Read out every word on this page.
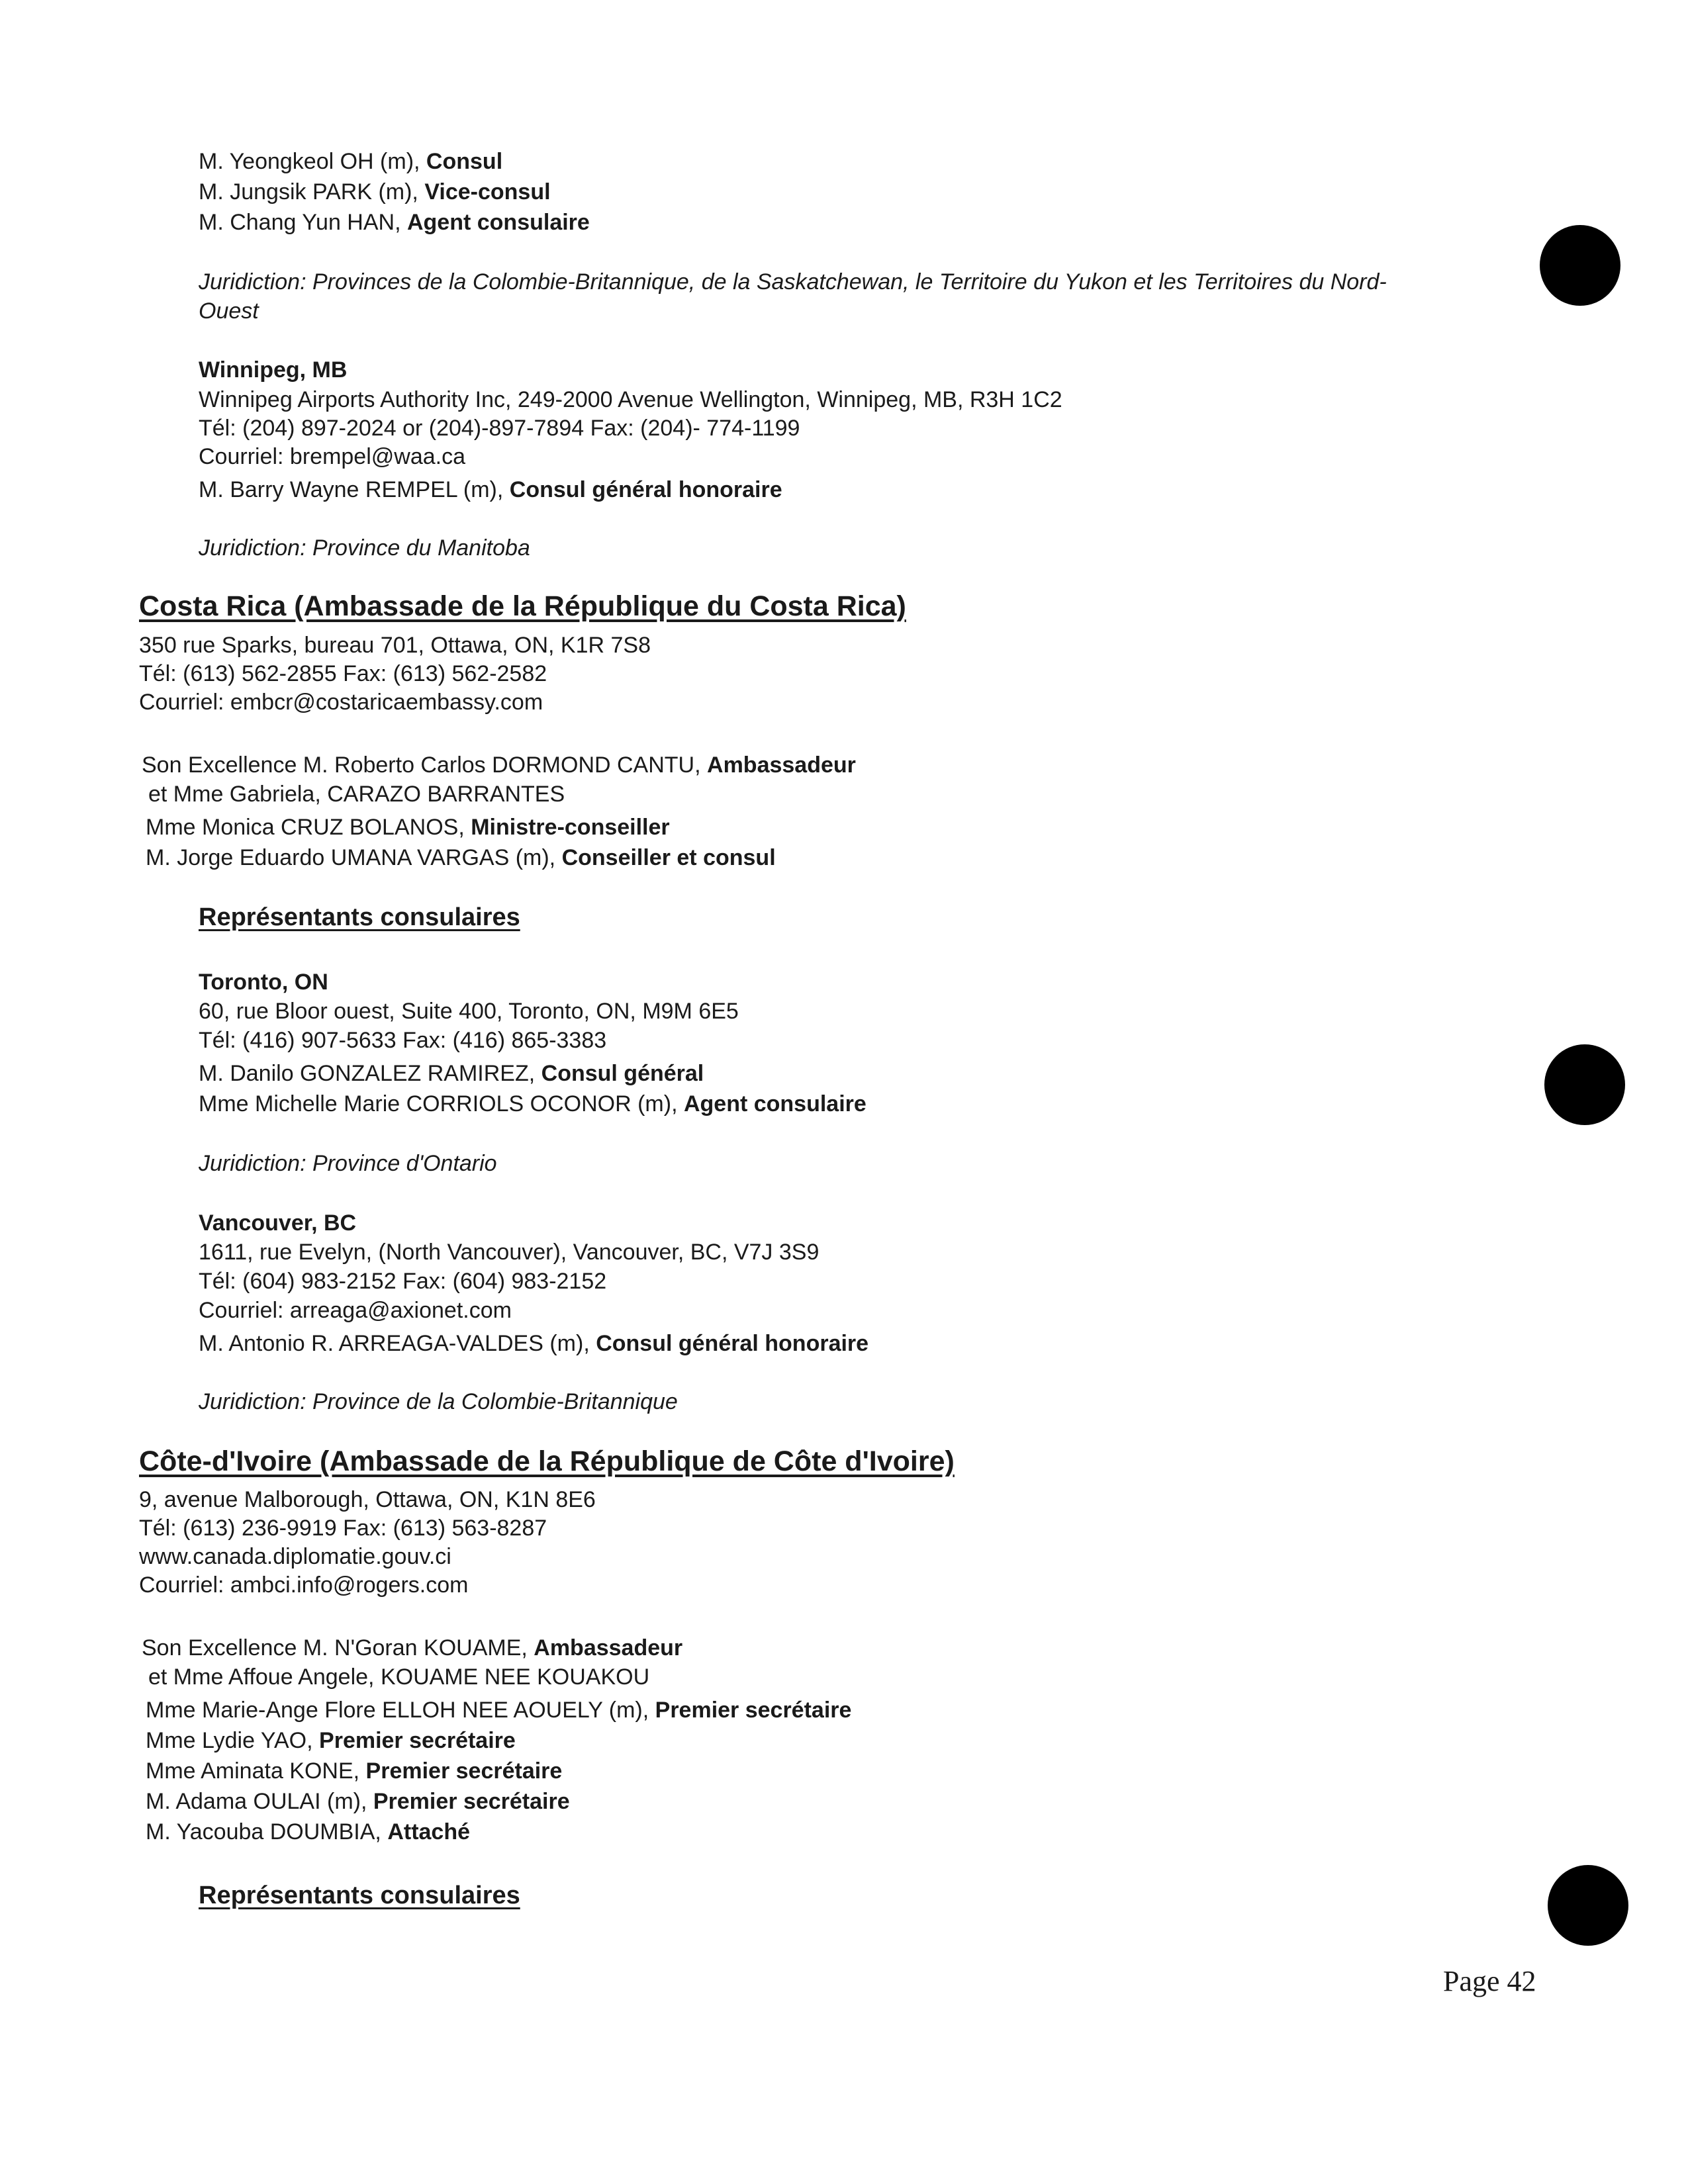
M. Yeongkeol OH (m), Consul
M. Jungsik PARK (m), Vice-consul
M. Chang Yun HAN, Agent consulaire
Juridiction: Provinces de la Colombie-Britannique, de la Saskatchewan, le Territoire du Yukon et les Territoires du Nord-
Ouest
Winnipeg, MB
Winnipeg Airports Authority Inc, 249-2000 Avenue Wellington, Winnipeg, MB, R3H 1C2
Tél: (204) 897-2024 or (204)-897-7894 Fax: (204)- 774-1199
Courriel: brempel@waa.ca
M. Barry Wayne REMPEL (m), Consul général honoraire
Juridiction: Province du Manitoba
Costa Rica (Ambassade de la République du Costa Rica)
350 rue Sparks, bureau 701, Ottawa, ON, K1R 7S8
Tél: (613) 562-2855 Fax: (613) 562-2582
Courriel: embcr@costaricaembassy.com
Son Excellence M. Roberto Carlos DORMOND CANTU, Ambassadeur
et Mme Gabriela, CARAZO BARRANTES
Mme Monica CRUZ BOLANOS, Ministre-conseiller
M. Jorge Eduardo UMANA VARGAS (m), Conseiller et consul
Représentants consulaires
Toronto, ON
60, rue Bloor ouest, Suite 400, Toronto, ON, M9M 6E5
Tél: (416) 907-5633 Fax: (416) 865-3383
M. Danilo GONZALEZ RAMIREZ, Consul général
Mme Michelle Marie CORRIOLS OCONOR (m), Agent consulaire
Juridiction: Province d'Ontario
Vancouver, BC
1611, rue Evelyn, (North Vancouver), Vancouver, BC, V7J 3S9
Tél: (604) 983-2152 Fax: (604) 983-2152
Courriel: arreaga@axionet.com
M. Antonio R. ARREAGA-VALDES (m), Consul général honoraire
Juridiction: Province de la Colombie-Britannique
Côte-d'Ivoire (Ambassade de la République de Côte d'Ivoire)
9, avenue Malborough, Ottawa, ON, K1N 8E6
Tél: (613) 236-9919 Fax: (613) 563-8287
www.canada.diplomatie.gouv.ci
Courriel: ambci.info@rogers.com
Son Excellence M. N'Goran KOUAME, Ambassadeur
et Mme Affoue Angele, KOUAME NEE KOUAKOU
Mme Marie-Ange Flore ELLOH NEE AOUELY (m), Premier secrétaire
Mme Lydie YAO, Premier secrétaire
Mme Aminata KONE, Premier secrétaire
M. Adama OULAI (m), Premier secrétaire
M. Yacouba DOUMBIA, Attaché
Représentants consulaires
Page 42
